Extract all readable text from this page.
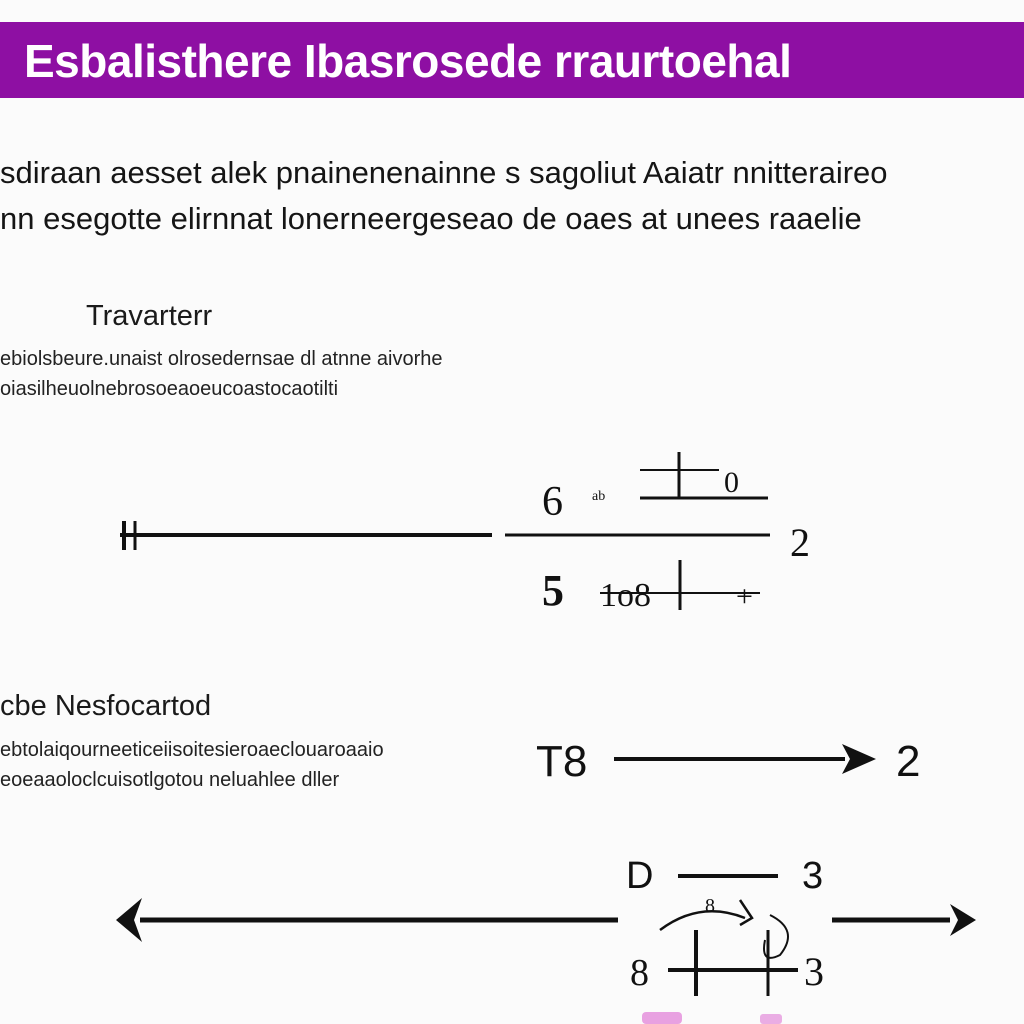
Esbalisthere Ibasrosede rraurtoehal

sdiraan aesset alek pnainenenainne s sagoliut Aaiatr nnitteraireo
nn esegotte elirnnat lonerneergeseao de oaes at unees raaelie

Travarterr

ebiolsbeure.unaist olrosedernsae dl atnne aivorhe
oiasilheuolnebrosoeaoeucoastocaotilti

cbe Nesfocartod

ebtolaiqourneeticeiisoitesieroaeclouaroaaio
eoeaaoloclcuisotlgotou neluahlee dller

6 ab	0
2
5 1o8	+
T8	2
D	3
8
8	3
